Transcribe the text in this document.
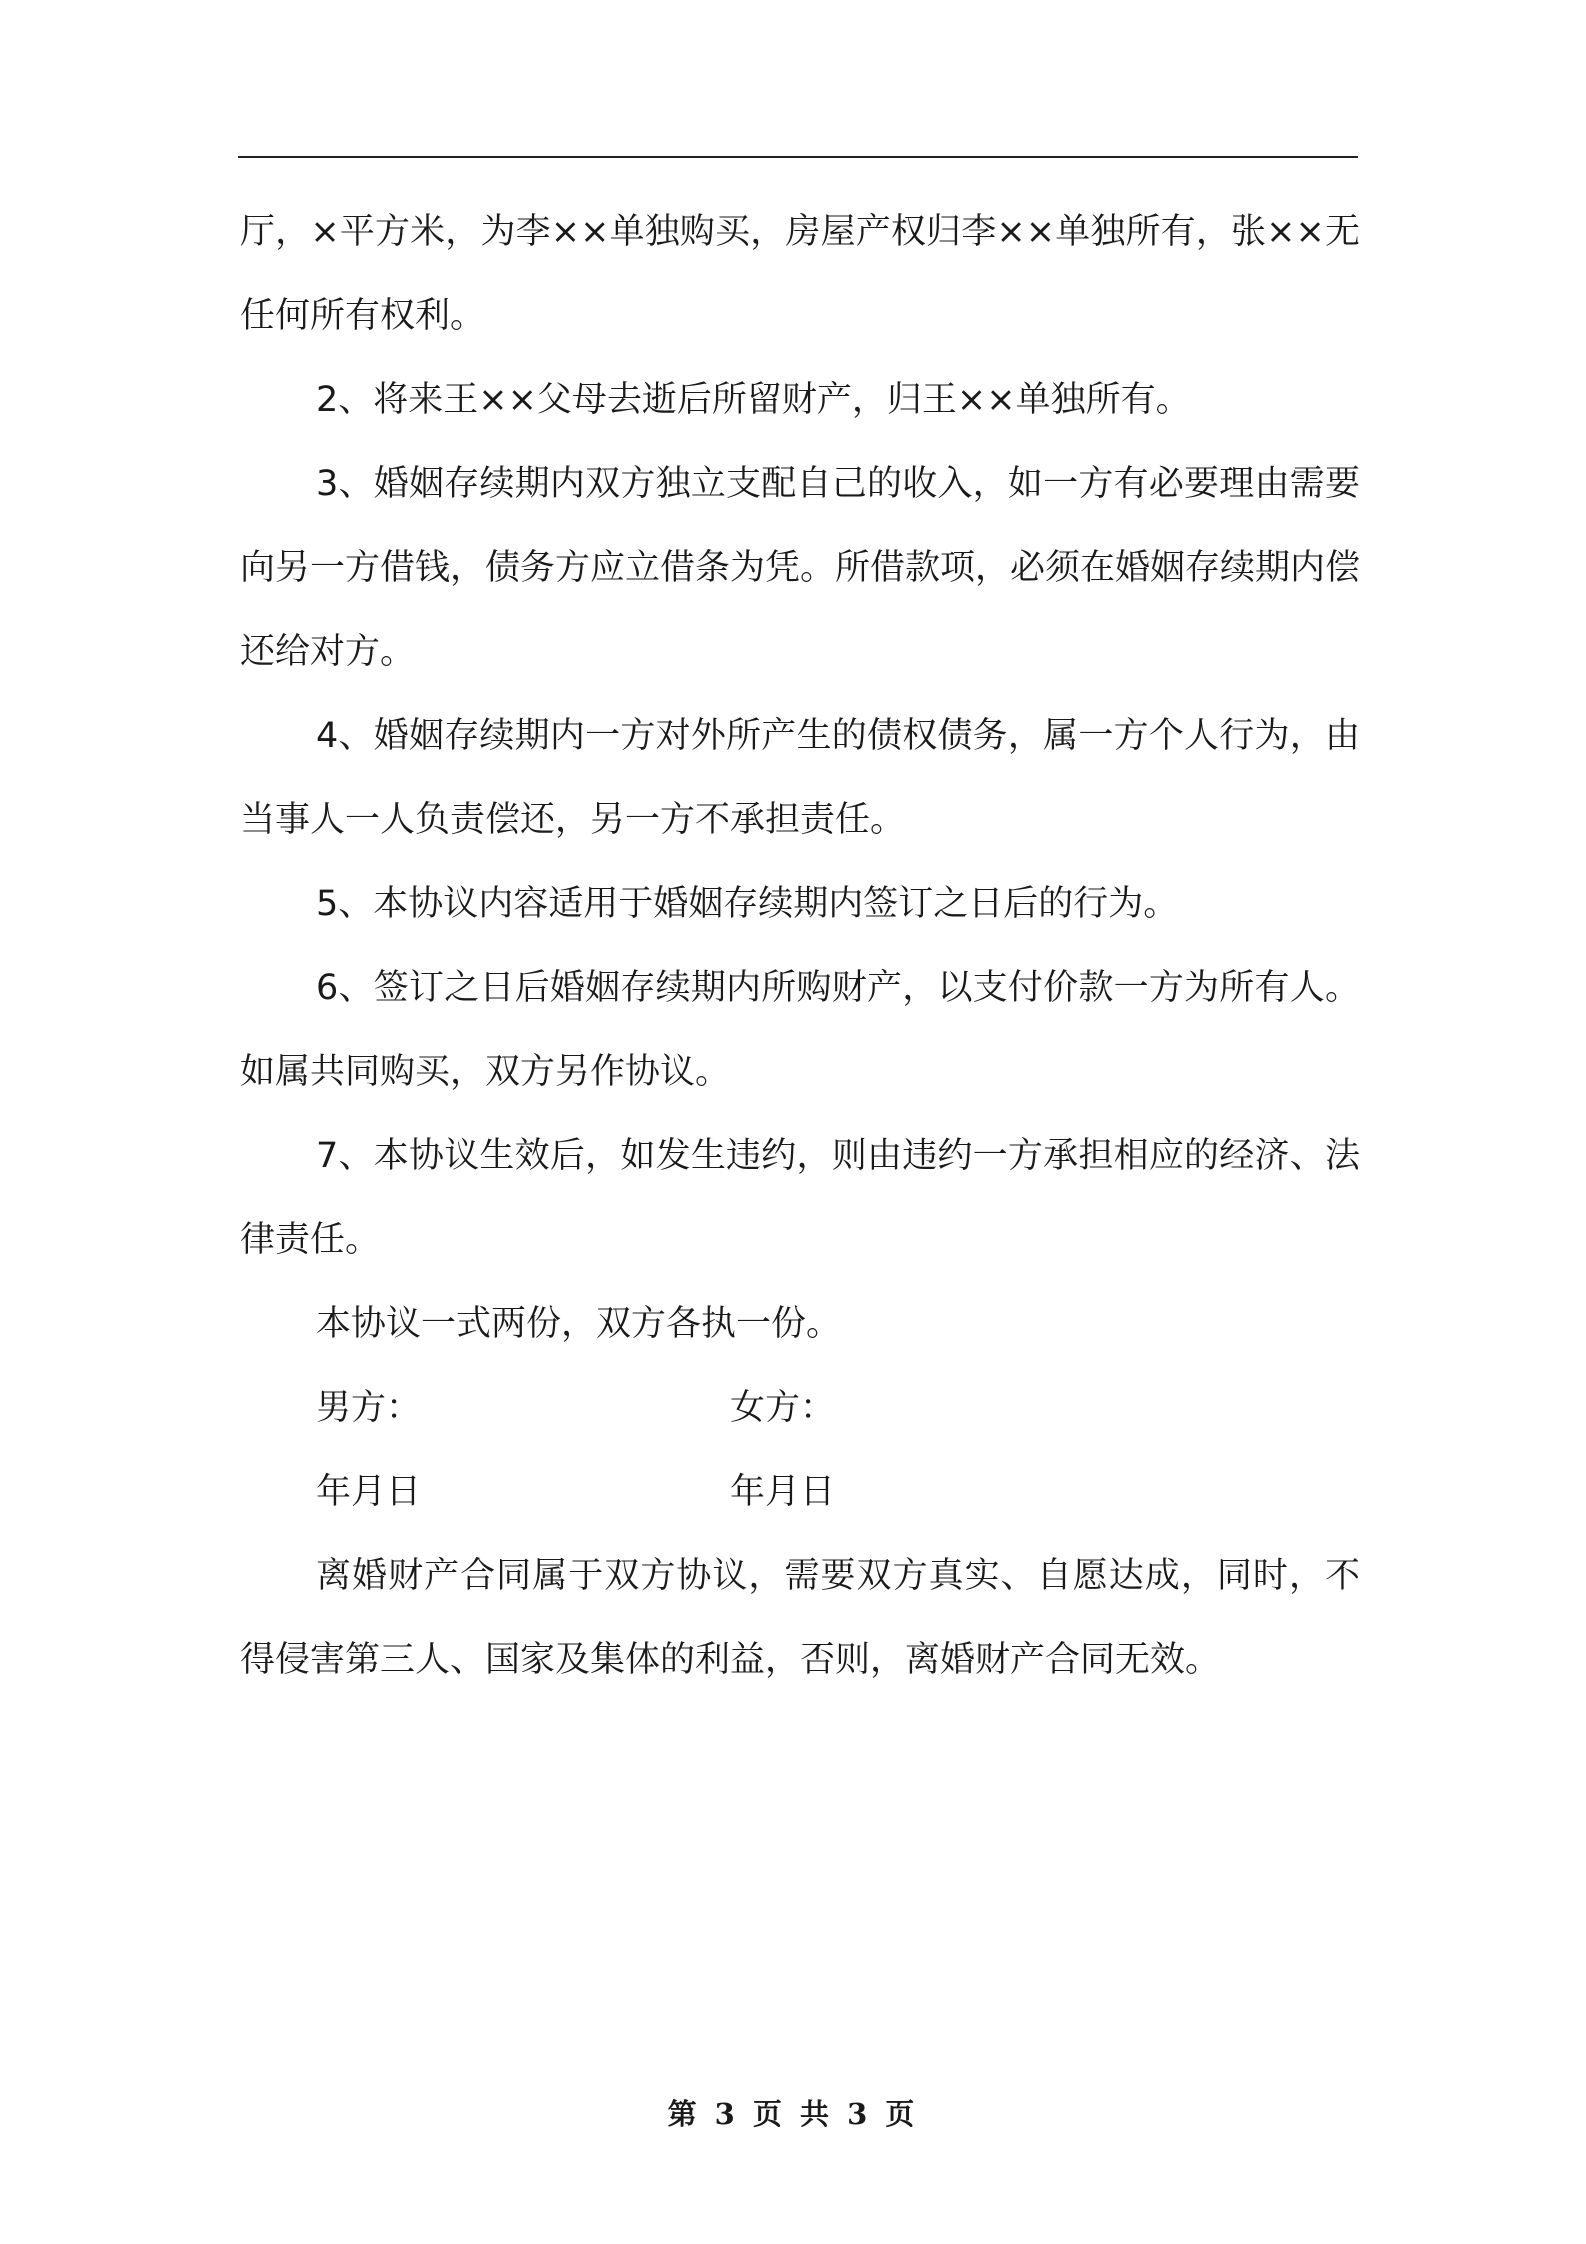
厅，×平方米，为李××单独购买，房屋产权归李××单独所有，张××无任何所有权利。

2、将来王××父母去逝后所留财产，归王××单独所有。

3、婚姻存续期内双方独立支配自己的收入，如一方有必要理由需要向另一方借钱，债务方应立借条为凭。所借款项，必须在婚姻存续期内偿还给对方。

4、婚姻存续期内一方对外所产生的债权债务，属一方个人行为，由当事人一人负责偿还，另一方不承担责任。

5、本协议内容适用于婚姻存续期内签订之日后的行为。

6、签订之日后婚姻存续期内所购财产，以支付价款一方为所有人。如属共同购买，双方另作协议。

7、本协议生效后，如发生违约，则由违约一方承担相应的经济、法律责任。

本协议一式两份，双方各执一份。

男方：	女方：
年月日	年月日

离婚财产合同属于双方协议，需要双方真实、自愿达成，同时，不得侵害第三人、国家及集体的利益，否则，离婚财产合同无效。

第 3 页 共 3 页
